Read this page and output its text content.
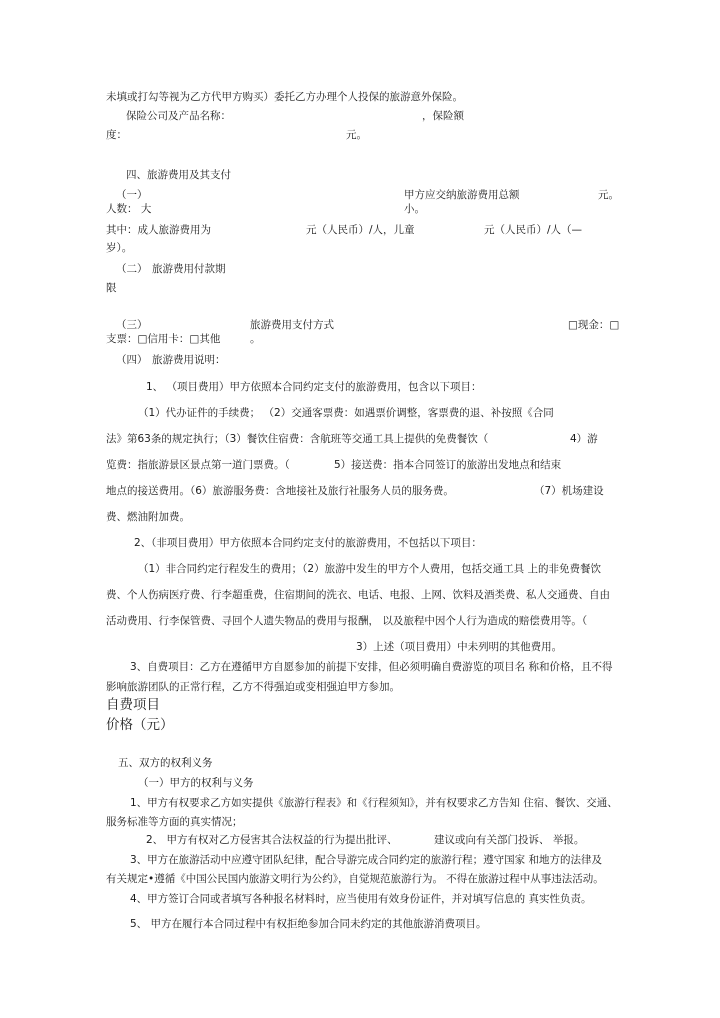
未填或打勾等视为乙方代甲方购买）委托乙方办理个人投保的旅游意外保险。
保险公司及产品名称：	，保险额
度：	元。
四、旅游费用及其支付
（一）	甲方应交纳旅游费用总额	元。
人数： 大	小。
其中：成人旅游费用为	元（人民币）/人，儿童	元（人民币）/人（—
岁）。
（二） 旅游费用付款期
限
（三）	旅游费用支付方式	□现金：□
支票：□信用卡：□其他	。
（四） 旅游费用说明：
1、 （项目费用）甲方依照本合同约定支付的旅游费用，包含以下项目：
（1）代办证件的手续费； （2）交通客票费：如遇票价调整，客票费的退、补按照《合同
法》第63条的规定执行；（3）餐饮住宿费：含航班等交通工具上提供的免费餐饮（	4）游
览费：指旅游景区景点第一道门票费。（	5）接送费：指本合同签订的旅游出发地点和结束
地点的接送费用。（6）旅游服务费：含地接社及旅行社服务人员的服务费。	（7）机场建设
费、燃油附加费。
2、（非项目费用）甲方依照本合同约定支付的旅游费用，不包括以下项目：
（1）非合同约定行程发生的费用；（2）旅游中发生的甲方个人费用，包括交通工具 上的非免费餐饮
费、个人伤病医疗费、行李超重费，住宿期间的洗衣、电话、电报、上网、饮料及酒类费、私人交通费、自由
活动费用、行李保管费、寻回个人遗失物品的费用与报酬， 以及旅程中因个人行为造成的赔偿费用等。（
3）上述（项目费用）中未列明的其他费用。
3、自费项目：乙方在遵循甲方自愿参加的前提下安排，但必须明确自费游览的项目名 称和价格，且不得
影响旅游团队的正常行程，乙方不得强迫或变相强迫甲方参加。
自费项目
价格（元）
五、双方的权利义务
（一）甲方的权利与义务
1、甲方有权要求乙方如实提供《旅游行程表》和《行程须知》，并有权要求乙方告知 住宿、餐饮、交通、
服务标准等方面的真实情况；
2、 甲方有权对乙方侵害其合法权益的行为提出批评、	建议或向有关部门投诉、 举报。
3、甲方在旅游活动中应遵守团队纪律，配合导游完成合同约定的旅游行程；遵守国家 和地方的法律及
有关规定•遵循《中国公民国内旅游文明行为公约》，自觉规范旅游行为。 不得在旅游过程中从事违法活动。
4、甲方签订合同或者填写各种报名材料时，应当使用有效身份证件，并对填写信息的 真实性负责。
5、 甲方在履行本合同过程中有权拒绝参加合同未约定的其他旅游消费项目。
